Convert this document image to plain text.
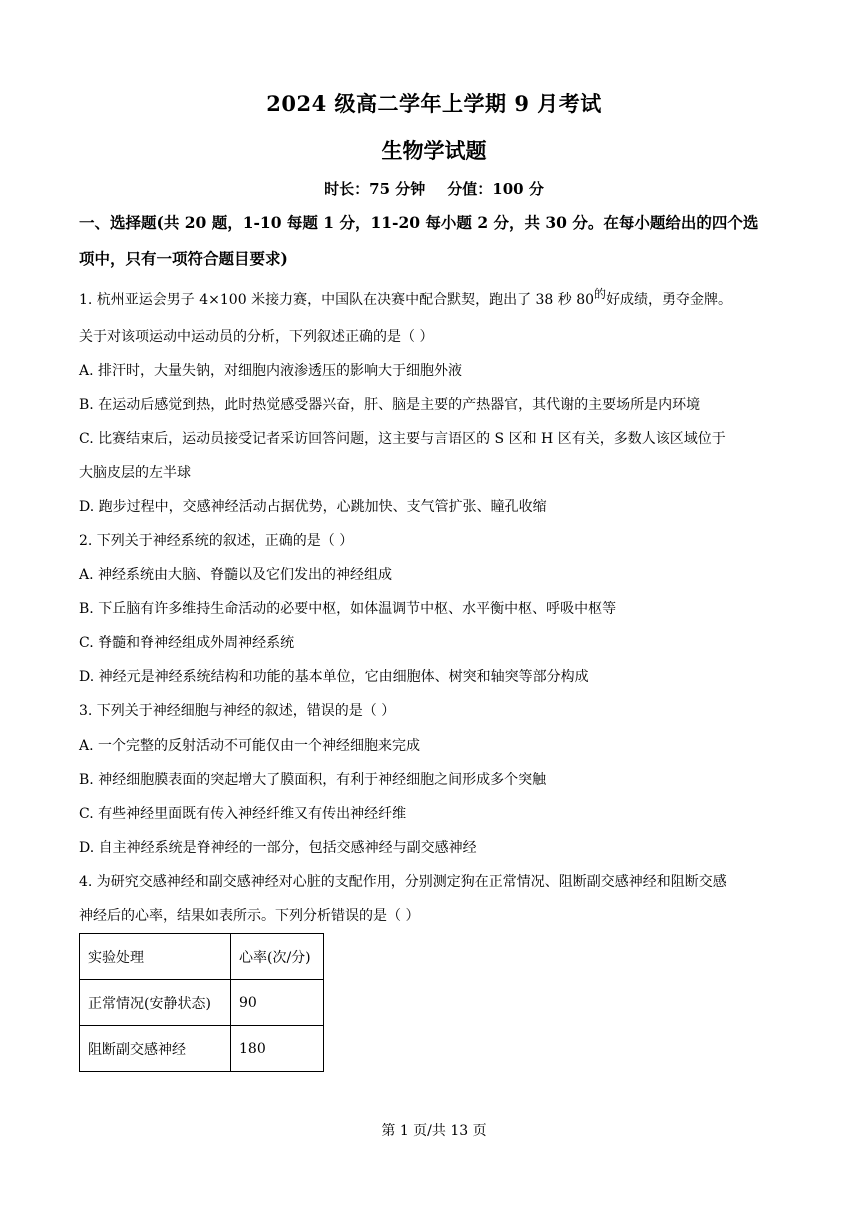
2024 级高二学年上学期 9 月考试
生物学试题
时长：75 分钟 分值：100 分
一、选择题(共 20 题，1-10 每题 1 分，11-20 每小题 2 分，共 30 分。在每小题给出的四个选
项中，只有一项符合题目要求)
1. 杭州亚运会男子 4×100 米接力赛，中国队在决赛中配合默契，跑出了 38 秒 $80^的$好成绩，勇夺金牌。
关于对该项运动中运动员的分析，下列叙述正确的是（ ）
A. 排汗时，大量失钠，对细胞内液渗透压的影响大于细胞外液
B. 在运动后感觉到热，此时热觉感受器兴奋，肝、脑是主要的产热器官，其代谢的主要场所是内环境
C. 比赛结束后，运动员接受记者采访回答问题，这主要与言语区的 S 区和 H 区有关，多数人该区域位于
大脑皮层的左半球
D. 跑步过程中，交感神经活动占据优势，心跳加快、支气管扩张、瞳孔收缩
2. 下列关于神经系统的叙述，正确的是（ ）
A. 神经系统由大脑、脊髓以及它们发出的神经组成
B. 下丘脑有许多维持生命活动的必要中枢，如体温调节中枢、水平衡中枢、呼吸中枢等
C. 脊髓和脊神经组成外周神经系统
D. 神经元是神经系统结构和功能的基本单位，它由细胞体、树突和轴突等部分构成
3. 下列关于神经细胞与神经的叙述，错误的是（ ）
A. 一个完整的反射活动不可能仅由一个神经细胞来完成
B. 神经细胞膜表面的突起增大了膜面积，有利于神经细胞之间形成多个突触
C. 有些神经里面既有传入神经纤维又有传出神经纤维
D. 自主神经系统是脊神经的一部分，包括交感神经与副交感神经
4. 为研究交感神经和副交感神经对心脏的支配作用，分别测定狗在正常情况、阻断副交感神经和阻断交感
神经后的心率，结果如表所示。下列分析错误的是（ ）
实验处理	心率(次/分)
正常情况(安静状态)	90
阻断副交感神经	180
第 1 页/共 13 页
